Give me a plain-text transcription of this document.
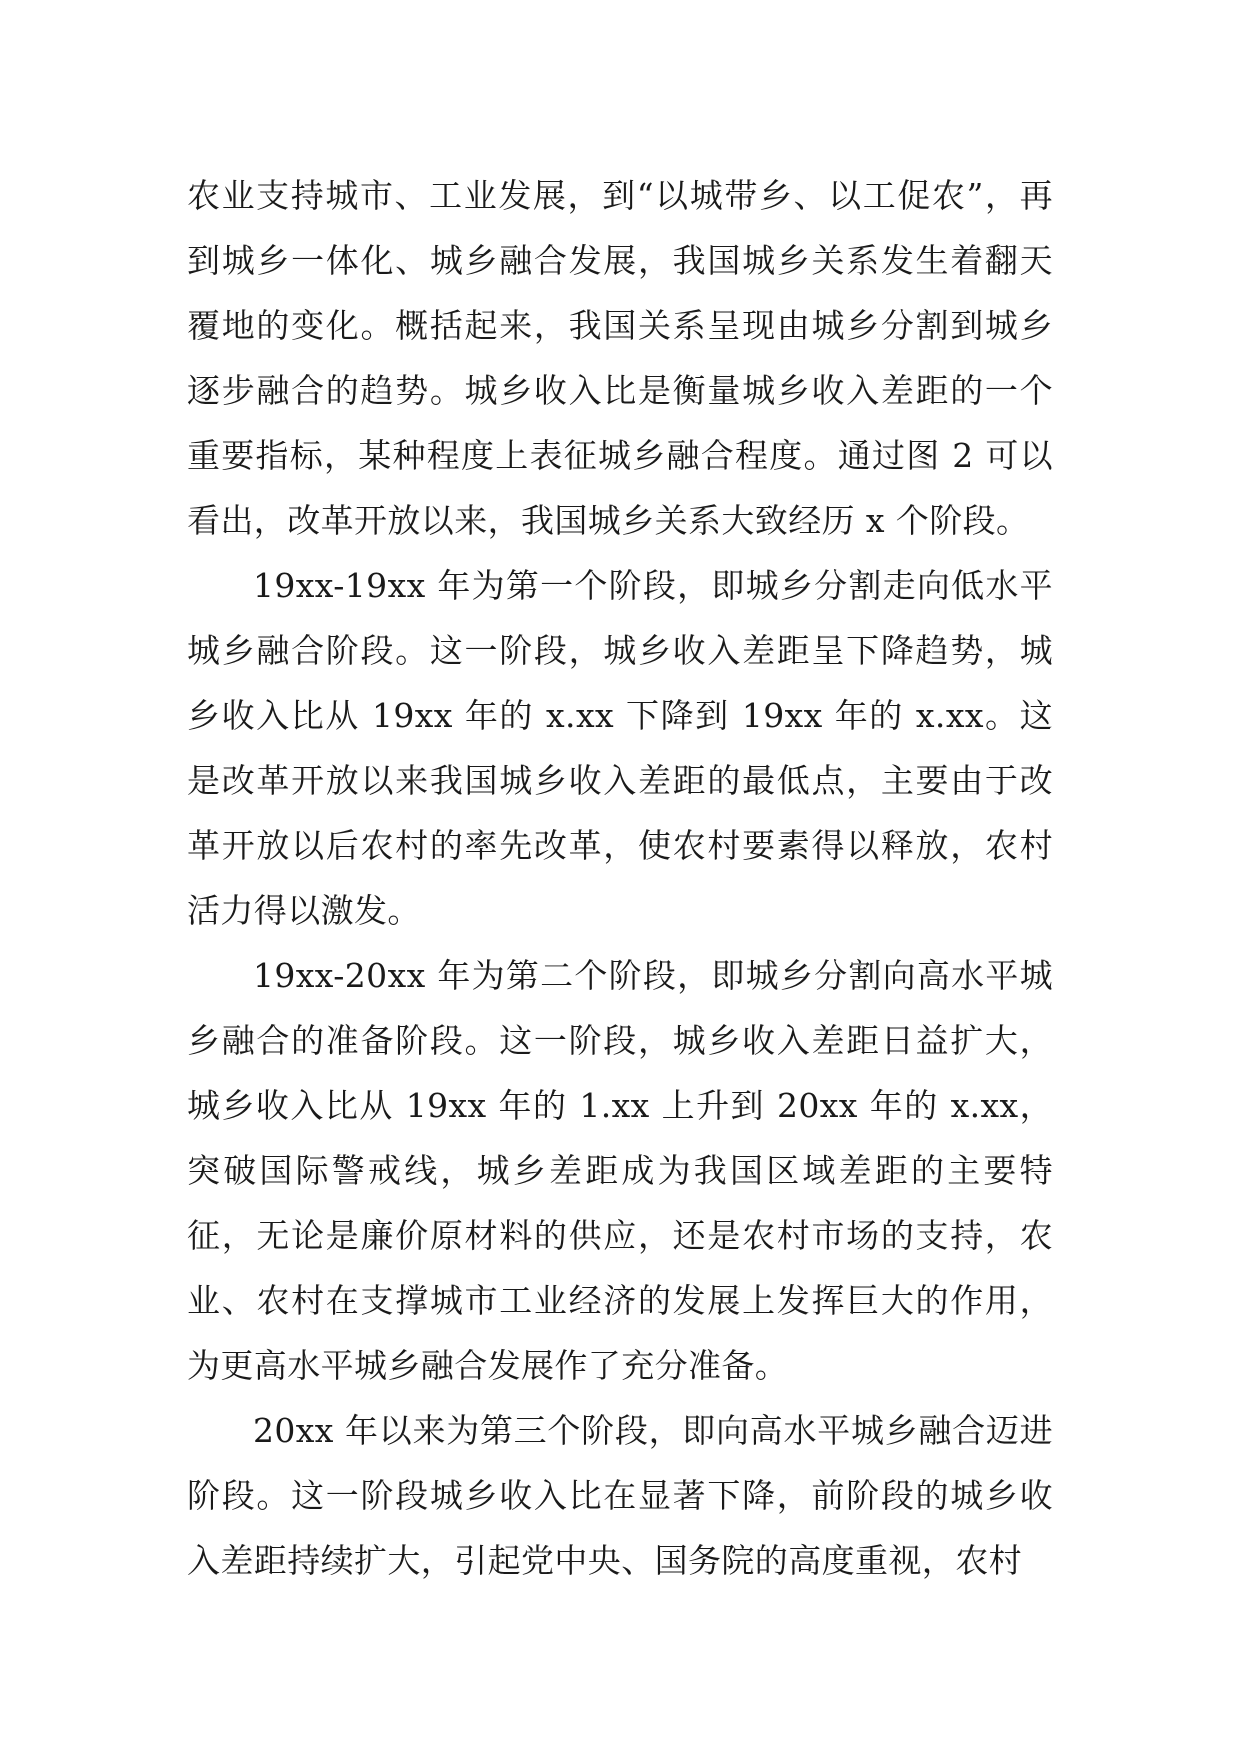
农业支持城市、工业发展，到“以城带乡、以工促农”，再到城乡一体化、城乡融合发展，我国城乡关系发生着翻天覆地的变化。概括起来，我国关系呈现由城乡分割到城乡逐步融合的趋势。城乡收入比是衡量城乡收入差距的一个重要指标，某种程度上表征城乡融合程度。通过图 2 可以看出，改革开放以来，我国城乡关系大致经历 x 个阶段。

19xx-19xx 年为第一个阶段，即城乡分割走向低水平城乡融合阶段。这一阶段，城乡收入差距呈下降趋势，城乡收入比从 19xx 年的 x.xx 下降到 19xx 年的 x.xx。这是改革开放以来我国城乡收入差距的最低点，主要由于改革开放以后农村的率先改革，使农村要素得以释放，农村活力得以激发。

19xx-20xx 年为第二个阶段，即城乡分割向高水平城乡融合的准备阶段。这一阶段，城乡收入差距日益扩大，城乡收入比从 19xx 年的 1.xx 上升到 20xx 年的 x.xx，突破国际警戒线，城乡差距成为我国区域差距的主要特征，无论是廉价原材料的供应，还是农村市场的支持，农业、农村在支撑城市工业经济的发展上发挥巨大的作用，为更高水平城乡融合发展作了充分准备。

20xx 年以来为第三个阶段，即向高水平城乡融合迈进阶段。这一阶段城乡收入比在显著下降，前阶段的城乡收入差距持续扩大，引起党中央、国务院的高度重视，农村
